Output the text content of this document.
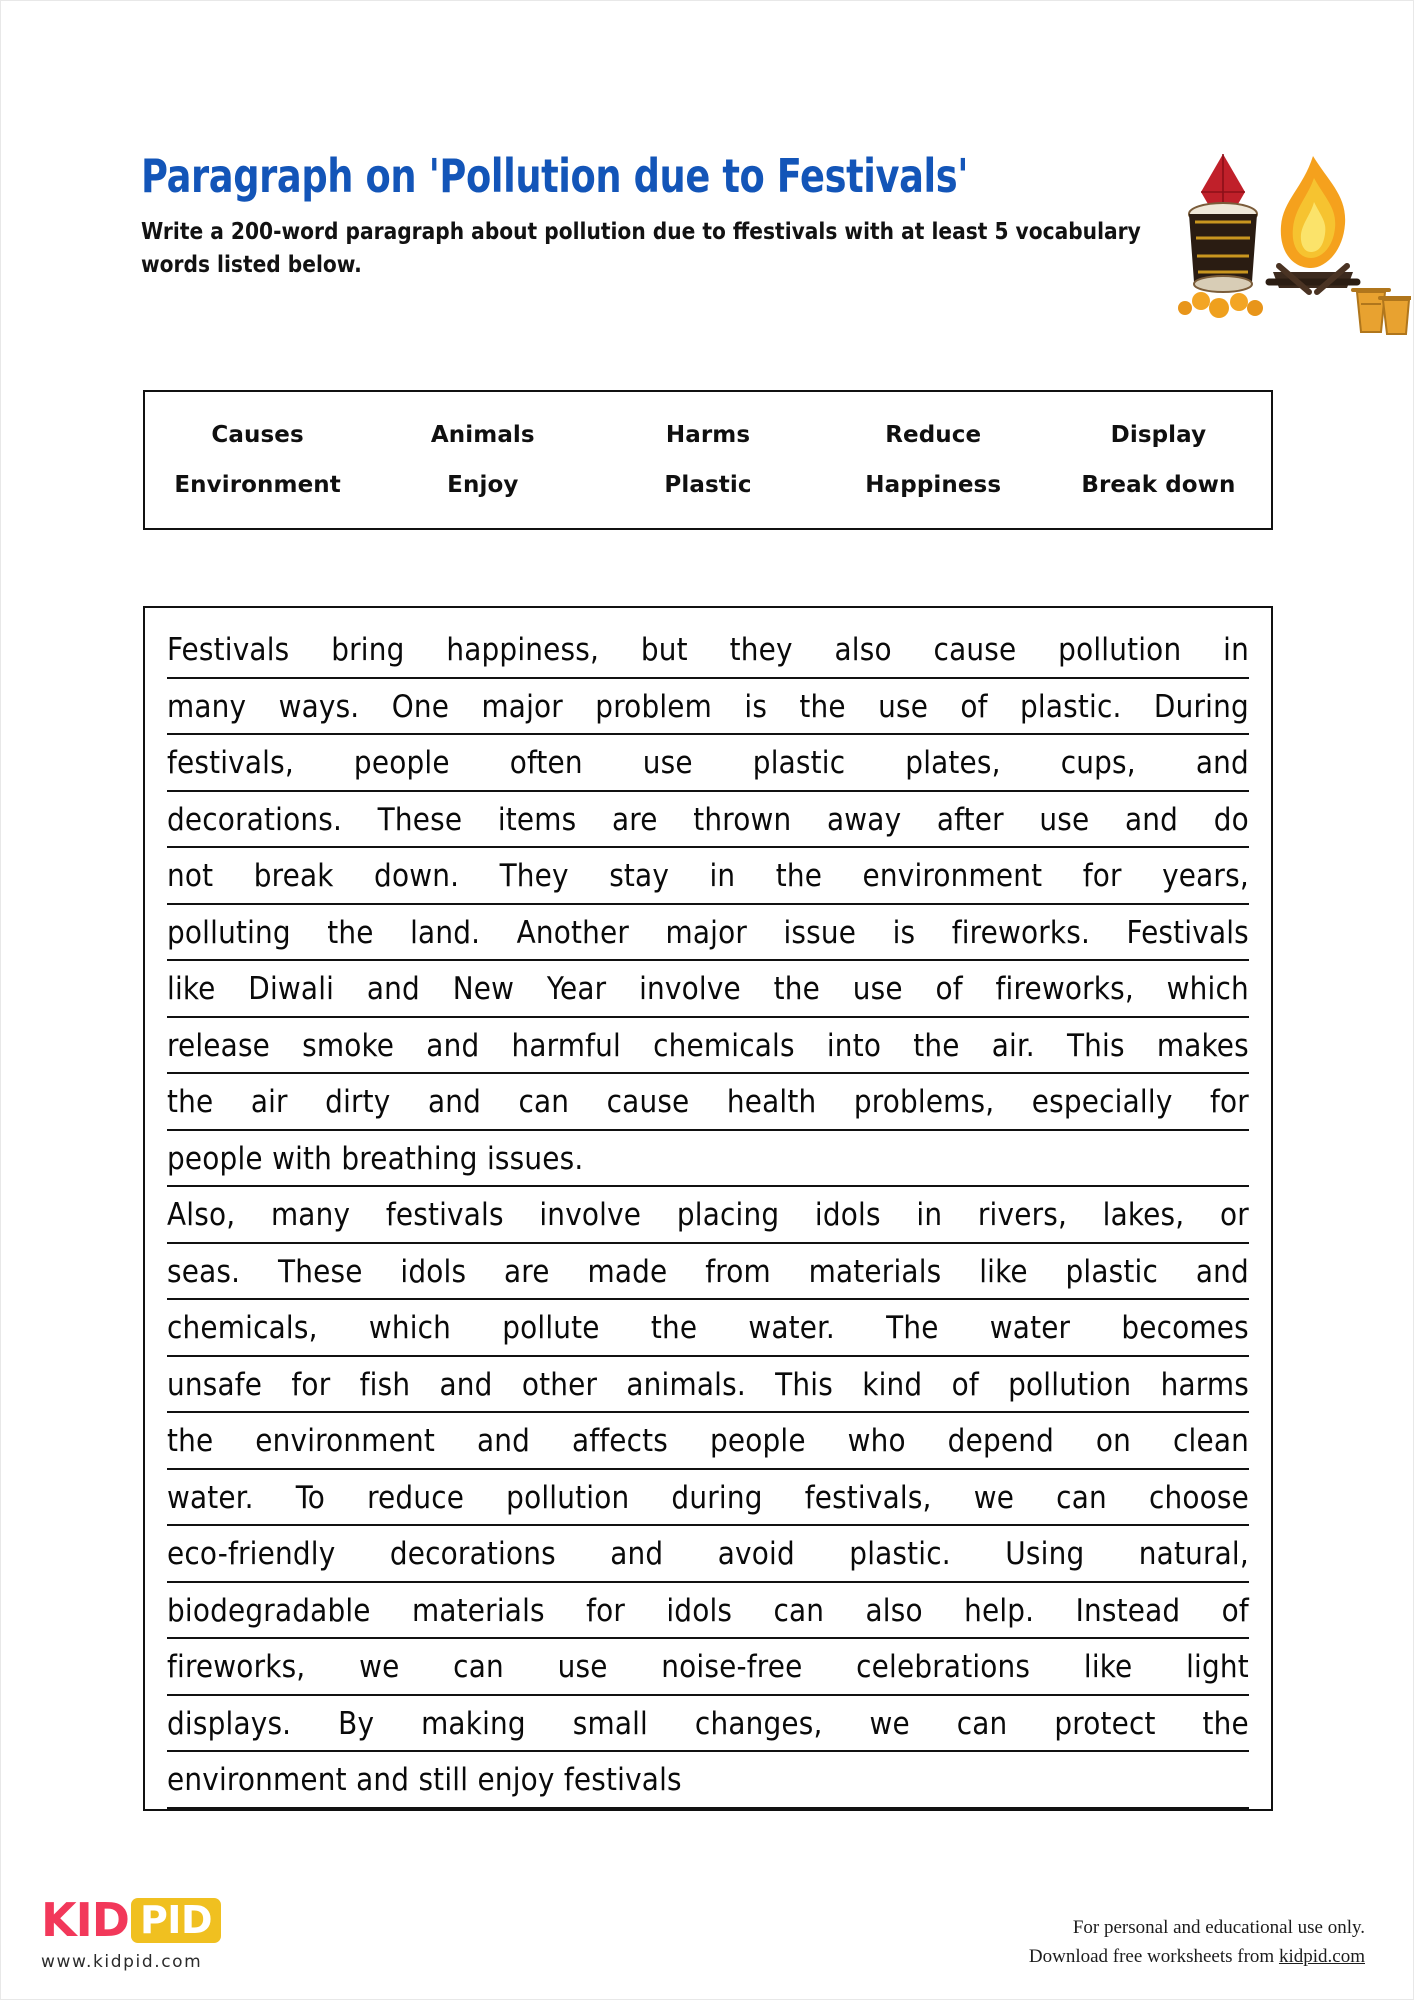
Paragraph on 'Pollution due to Festivals'

Write a 200-word paragraph about pollution due to ffestivals with at least 5 vocabulary words listed below.

Causes	Animals	Harms	Reduce	Display
Environment	Enjoy	Plastic	Happiness	Break down
Festivals bring happiness, but they also cause pollution in
many ways. One major problem is the use of plastic. During
festivals, people often use plastic plates, cups, and
decorations. These items are thrown away after use and do
not break down. They stay in the environment for years,
polluting the land. Another major issue is fireworks. Festivals
like Diwali and New Year involve the use of fireworks, which
release smoke and harmful chemicals into the air. This makes
the air dirty and can cause health problems, especially for
people with breathing issues.
Also, many festivals involve placing idols in rivers, lakes, or
seas. These idols are made from materials like plastic and
chemicals, which pollute the water. The water becomes
unsafe for fish and other animals. This kind of pollution harms
the environment and affects people who depend on clean
water. To reduce pollution during festivals, we can choose
eco-friendly decorations and avoid plastic. Using natural,
biodegradable materials for idols can also help. Instead of
fireworks, we can use noise-free celebrations like light
displays. By making small changes, we can protect the
environment and still enjoy festivals
KID PID
www.kidpid.com
For personal and educational use only.
Download free worksheets from kidpid.com
